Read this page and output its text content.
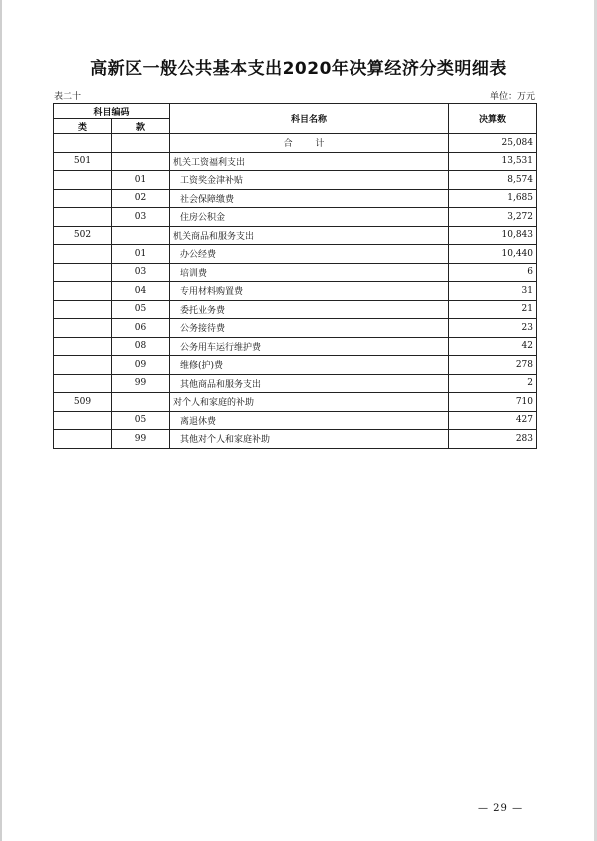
高新区一般公共基本支出2020年决算经济分类明细表
表二十	单位：万元
科目编码		科目名称	决算数
类	款		
		合 计	25,084
501		机关工资福利支出	13,531
	01	工资奖金津补贴	8,574
	02	社会保障缴费	1,685
	03	住房公积金	3,272
502		机关商品和服务支出	10,843
	01	办公经费	10,440
	03	培训费	6
	04	专用材料购置费	31
	05	委托业务费	21
	06	公务接待费	23
	08	公务用车运行维护费	42
	09	维修(护)费	278
	99	其他商品和服务支出	2
509		对个人和家庭的补助	710
	05	离退休费	427
	99	其他对个人和家庭补助	283
— 29 —
